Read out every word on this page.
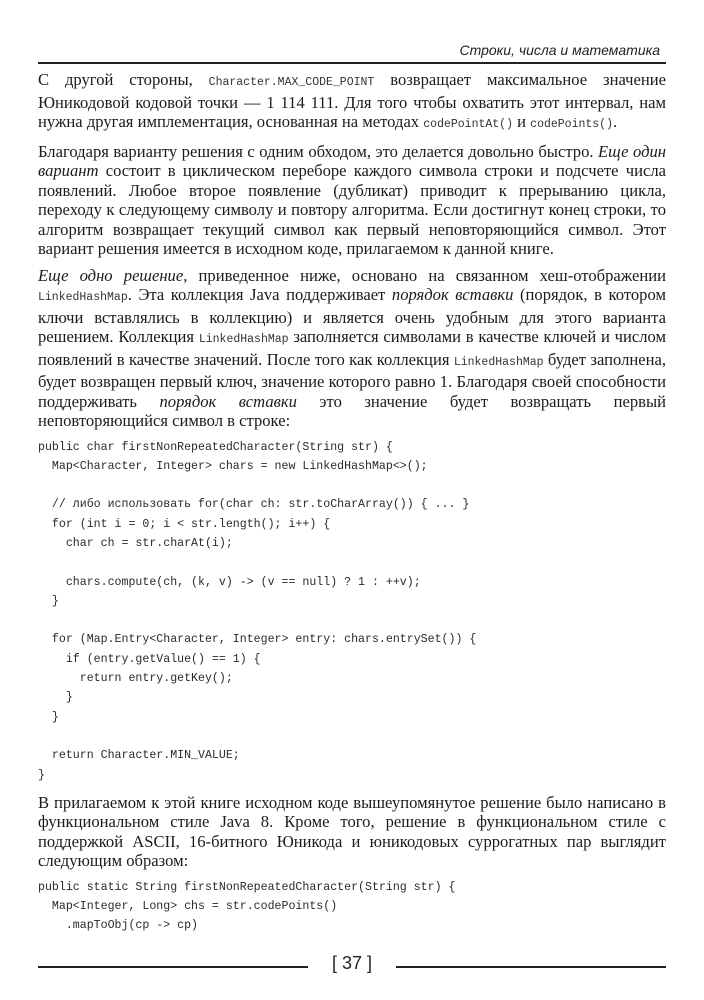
Строки, числа и математика

С другой стороны, Character.MAX_CODE_POINT возвращает максимальное значение Юникодовой кодовой точки — 1 114 111. Для того чтобы охватить этот интервал, нам нужна другая имплементация, основанная на методах codePointAt() и codePoints().

Благодаря варианту решения с одним обходом, это делается довольно быстро. Еще один вариант состоит в циклическом переборе каждого символа строки и подсчете числа появлений. Любое второе появление (дубликат) приводит к прерыванию цикла, переходу к следующему символу и повтору алгоритма. Если достигнут конец строки, то алгоритм возвращает текущий символ как первый неповторяющийся символ. Этот вариант решения имеется в исходном коде, прилагаемом к данной книге.

Еще одно решение, приведенное ниже, основано на связанном хеш-отображении LinkedHashMap. Эта коллекция Java поддерживает порядок вставки (порядок, в котором ключи вставлялись в коллекцию) и является очень удобным для этого варианта решением. Коллекция LinkedHashMap заполняется символами в качестве ключей и числом появлений в качестве значений. После того как коллекция LinkedHashMap будет заполнена, будет возвращен первый ключ, значение которого равно 1. Благодаря своей способности поддерживать порядок вставки это значение будет возвращать первый неповторяющийся символ в строке:

public char firstNonRepeatedCharacter(String str) {
Map<Character, Integer> chars = new LinkedHashMap<>();

// либо использовать for(char ch: str.toCharArray()) { ... }
for (int i = 0; i < str.length(); i++) {
char ch = str.charAt(i);

chars.compute(ch, (k, v) -> (v == null) ? 1 : ++v);
}

for (Map.Entry<Character, Integer> entry: chars.entrySet()) {
if (entry.getValue() == 1) {
return entry.getKey();
}
}

return Character.MIN_VALUE;
}

В прилагаемом к этой книге исходном коде вышеупомянутое решение было написано в функциональном стиле Java 8. Кроме того, решение в функциональном стиле с поддержкой ASCII, 16-битного Юникода и юникодовых суррогатных пар выглядит следующим образом:

public static String firstNonRepeatedCharacter(String str) {
Map<Integer, Long> chs = str.codePoints()
.mapToObj(cp -> cp)
[ 37 ]
